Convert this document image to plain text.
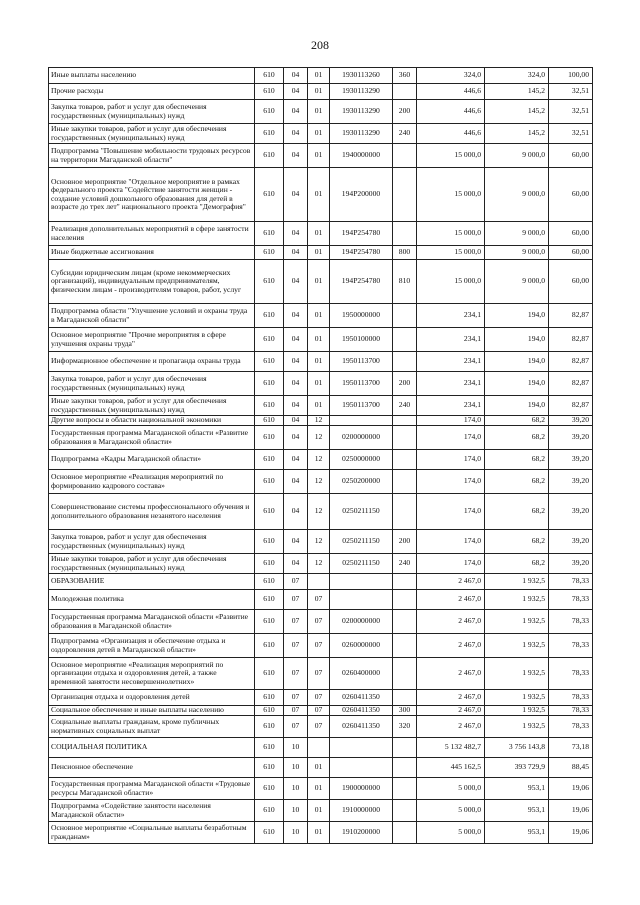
208
Иные выплаты населению	610	04	01	1930113260	360	324,0	324,0	100,00
Прочие расходы	610	04	01	1930113290		446,6	145,2	32,51
Закупка товаров, работ и услуг для обеспечения государственных (муниципальных) нужд	610	04	01	1930113290	200	446,6	145,2	32,51
Иные закупки товаров, работ и услуг для обеспечения государственных (муниципальных) нужд	610	04	01	1930113290	240	446,6	145,2	32,51
Подпрограмма "Повышение мобильности трудовых ресурсов на территории Магаданской области"	610	04	01	1940000000		15 000,0	9 000,0	60,00
Основное мероприятие "Отдельное мероприятие в рамках федерального проекта "Содействие занятости женщин - создание условий дошкольного образования для детей в возрасте до трех лет" национального проекта "Демография"	610	04	01	194P200000		15 000,0	9 000,0	60,00
Реализация дополнительных мероприятий в сфере занятости населения	610	04	01	194P254780		15 000,0	9 000,0	60,00
Иные бюджетные ассигнования	610	04	01	194P254780	800	15 000,0	9 000,0	60,00
Субсидии юридическим лицам (кроме некоммерческих организаций), индивидуальным предпринимателям, физическим лицам - производителям товаров, работ, услуг	610	04	01	194P254780	810	15 000,0	9 000,0	60,00
Подпрограмма области "Улучшение условий и охраны труда в Магаданской области"	610	04	01	1950000000		234,1	194,0	82,87
Основное мероприятие "Прочие мероприятия в сфере улучшения охраны труда"	610	04	01	1950100000		234,1	194,0	82,87
Информационное обеспечение и пропаганда охраны труда	610	04	01	1950113700		234,1	194,0	82,87
Закупка товаров, работ и услуг для обеспечения государственных (муниципальных) нужд	610	04	01	1950113700	200	234,1	194,0	82,87
Иные закупки товаров, работ и услуг для обеспечения государственных (муниципальных) нужд	610	04	01	1950113700	240	234,1	194,0	82,87
Другие вопросы в области национальной экономики	610	04	12			174,0	68,2	39,20
Государственная программа Магаданской области «Развитие образования в Магаданской области»	610	04	12	0200000000		174,0	68,2	39,20
Подпрограмма «Кадры Магаданской области»	610	04	12	0250000000		174,0	68,2	39,20
Основное мероприятие «Реализация мероприятий по формированию кадрового состава»	610	04	12	0250200000		174,0	68,2	39,20
Совершенствование системы профессионального обучения и дополнительного образования незанятого населения	610	04	12	0250211150		174,0	68,2	39,20
Закупка товаров, работ и услуг для обеспечения государственных (муниципальных) нужд	610	04	12	0250211150	200	174,0	68,2	39,20
Иные закупки товаров, работ и услуг для обеспечения государственных (муниципальных) нужд	610	04	12	0250211150	240	174,0	68,2	39,20
ОБРАЗОВАНИЕ	610	07				2 467,0	1 932,5	78,33
Молодежная политика	610	07	07			2 467,0	1 932,5	78,33
Государственная программа Магаданской области «Развитие образования в Магаданской области»	610	07	07	0200000000		2 467,0	1 932,5	78,33
Подпрограмма «Организация и обеспечение отдыха и оздоровления детей в Магаданской области»	610	07	07	0260000000		2 467,0	1 932,5	78,33
Основное мероприятие «Реализация мероприятий по организации отдыха и оздоровления детей, а также временной занятости несовершеннолетних»	610	07	07	0260400000		2 467,0	1 932,5	78,33
Организация отдыха и оздоровления детей	610	07	07	0260411350		2 467,0	1 932,5	78,33
Социальное обеспечение и иные выплаты населению	610	07	07	0260411350	300	2 467,0	1 932,5	78,33
Социальные выплаты гражданам, кроме публичных нормативных социальных выплат	610	07	07	0260411350	320	2 467,0	1 932,5	78,33
СОЦИАЛЬНАЯ ПОЛИТИКА	610	10				5 132 482,7	3 756 143,8	73,18
Пенсионное обеспечение	610	10	01			445 162,5	393 729,9	88,45
Государственная программа Магаданской области «Трудовые ресурсы Магаданской области»	610	10	01	1900000000		5 000,0	953,1	19,06
Подпрограмма «Содействие занятости населения Магаданской области»	610	10	01	1910000000		5 000,0	953,1	19,06
Основное мероприятие «Социальные выплаты безработным гражданам»	610	10	01	1910200000		5 000,0	953,1	19,06
